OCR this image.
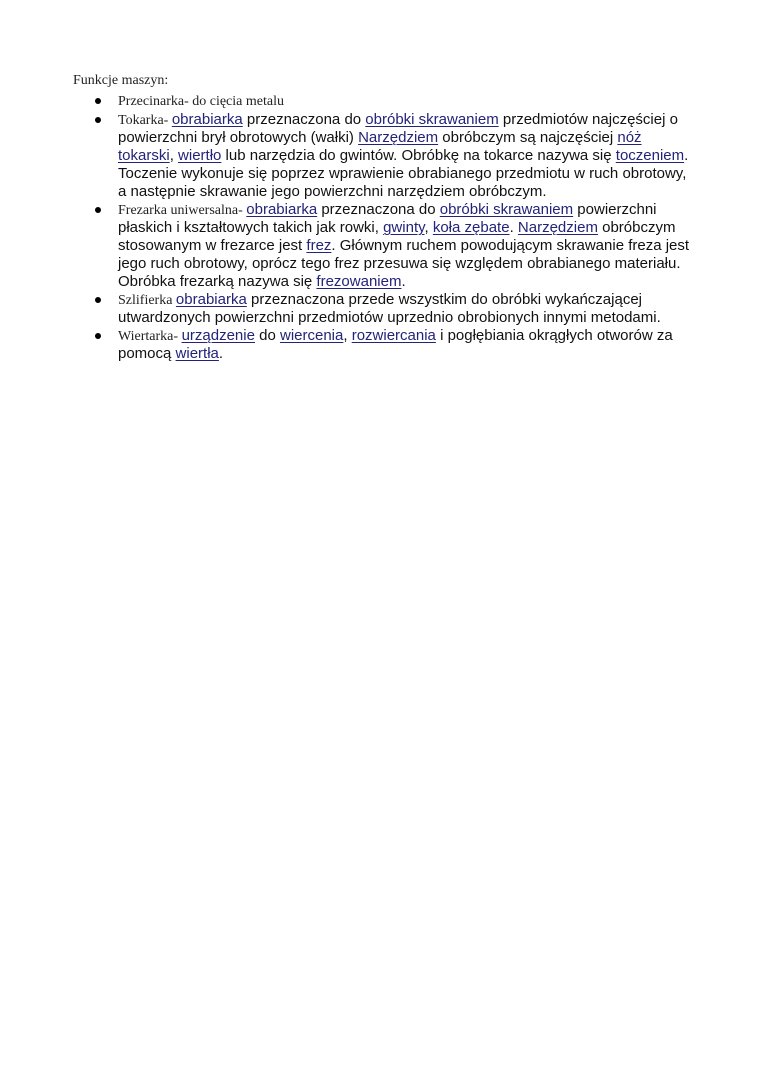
Funkcje maszyn:

Przecinarka- do cięcia metalu
Tokarka- obrabiarka przeznaczona do obróbki skrawaniem przedmiotów najczęściej o powierzchni brył obrotowych (wałki) Narzędziem obróbczym są najczęściej nóż tokarski, wiertło lub narzędzia do gwintów. Obróbkę na tokarce nazywa się toczeniem. Toczenie wykonuje się poprzez wprawienie obrabianego przedmiotu w ruch obrotowy, a następnie skrawanie jego powierzchni narzędziem obróbczym.
Frezarka uniwersalna- obrabiarka przeznaczona do obróbki skrawaniem powierzchni płaskich i kształtowych takich jak rowki, gwinty, koła zębate. Narzędziem obróbczym stosowanym w frezarce jest frez. Głównym ruchem powodującym skrawanie freza jest jego ruch obrotowy, oprócz tego frez przesuwa się względem obrabianego materiału. Obróbka frezarką nazywa się frezowaniem.
Szlifierka obrabiarka przeznaczona przede wszystkim do obróbki wykańczającej utwardzonych powierzchni przedmiotów uprzednio obrobionych innymi metodami.
Wiertarka- urządzenie do wiercenia, rozwiercania i pogłębiania okrągłych otworów za pomocą wiertła.
